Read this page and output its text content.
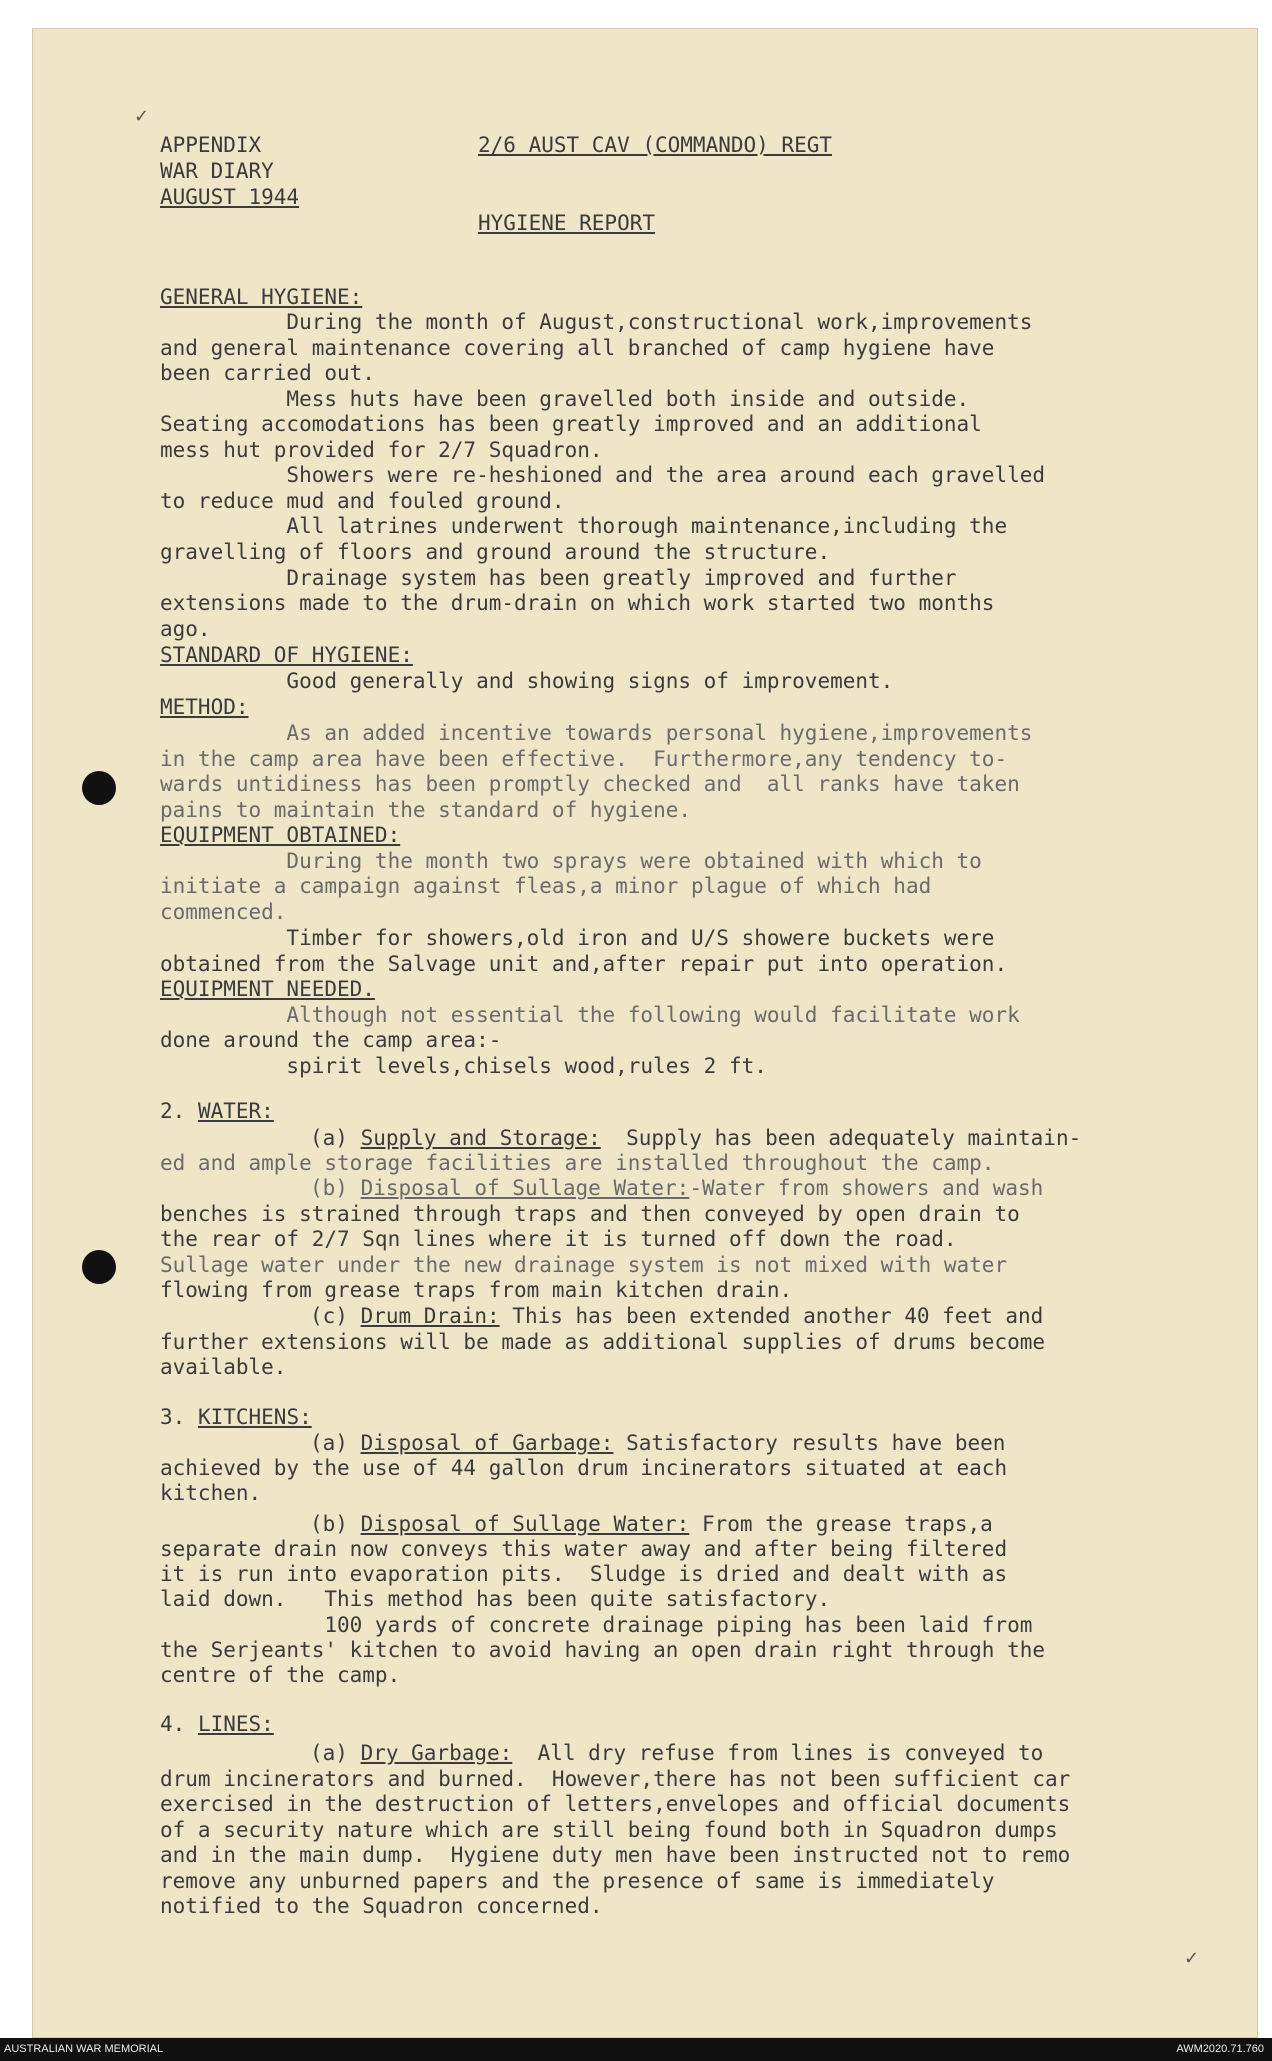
✓
✓
APPENDIX
WAR DIARY
AUGUST 1944
2/6 AUST CAV (COMMANDO) REGT
HYGIENE REPORT
GENERAL HYGIENE:
During the month of August,constructional work,improvements
and general maintenance covering all branched of camp hygiene have
been carried out.
Mess huts have been gravelled both inside and outside.
Seating accomodations has been greatly improved and an additional
mess hut provided for 2/7 Squadron.
Showers were re-heshioned and the area around each gravelled
to reduce mud and fouled ground.
All latrines underwent thorough maintenance,including the
gravelling of floors and ground around the structure.
Drainage system has been greatly improved and further
extensions made to the drum-drain on which work started two months
ago.
STANDARD OF HYGIENE:
Good generally and showing signs of improvement.
METHOD:
As an added incentive towards personal hygiene,improvements
in the camp area have been effective.  Furthermore,any tendency to-
wards untidiness has been promptly checked and  all ranks have taken
pains to maintain the standard of hygiene.
EQUIPMENT OBTAINED:
During the month two sprays were obtained with which to
initiate a campaign against fleas,a minor plague of which had
commenced.
Timber for showers,old iron and U/S showere buckets were
obtained from the Salvage unit and,after repair put into operation.
EQUIPMENT NEEDED.
Although not essential the following would facilitate work
done around the camp area:-
spirit levels,chisels wood,rules 2 ft.
2. WATER:
(a) Supply and Storage:  Supply has been adequately maintain-
ed and ample storage facilities are installed throughout the camp.
(b) Disposal of Sullage Water:-Water from showers and wash
benches is strained through traps and then conveyed by open drain to
the rear of 2/7 Sqn lines where it is turned off down the road.
Sullage water under the new drainage system is not mixed with water
flowing from grease traps from main kitchen drain.
(c) Drum Drain: This has been extended another 40 feet and
further extensions will be made as additional supplies of drums become
available.
3. KITCHENS:
(a) Disposal of Garbage: Satisfactory results have been
achieved by the use of 44 gallon drum incinerators situated at each
kitchen.
(b) Disposal of Sullage Water: From the grease traps,a
separate drain now conveys this water away and after being filtered
it is run into evaporation pits.  Sludge is dried and dealt with as
laid down.   This method has been quite satisfactory.
100 yards of concrete drainage piping has been laid from
the Serjeants' kitchen to avoid having an open drain right through the
centre of the camp.
4. LINES:
(a) Dry Garbage:  All dry refuse from lines is conveyed to
drum incinerators and burned.  However,there has not been sufficient car
exercised in the destruction of letters,envelopes and official documents
of a security nature which are still being found both in Squadron dumps
and in the main dump.  Hygiene duty men have been instructed not to remo
remove any unburned papers and the presence of same is immediately
notified to the Squadron concerned.
AUSTRALIAN WAR MEMORIAL	AWM2020.71.760
